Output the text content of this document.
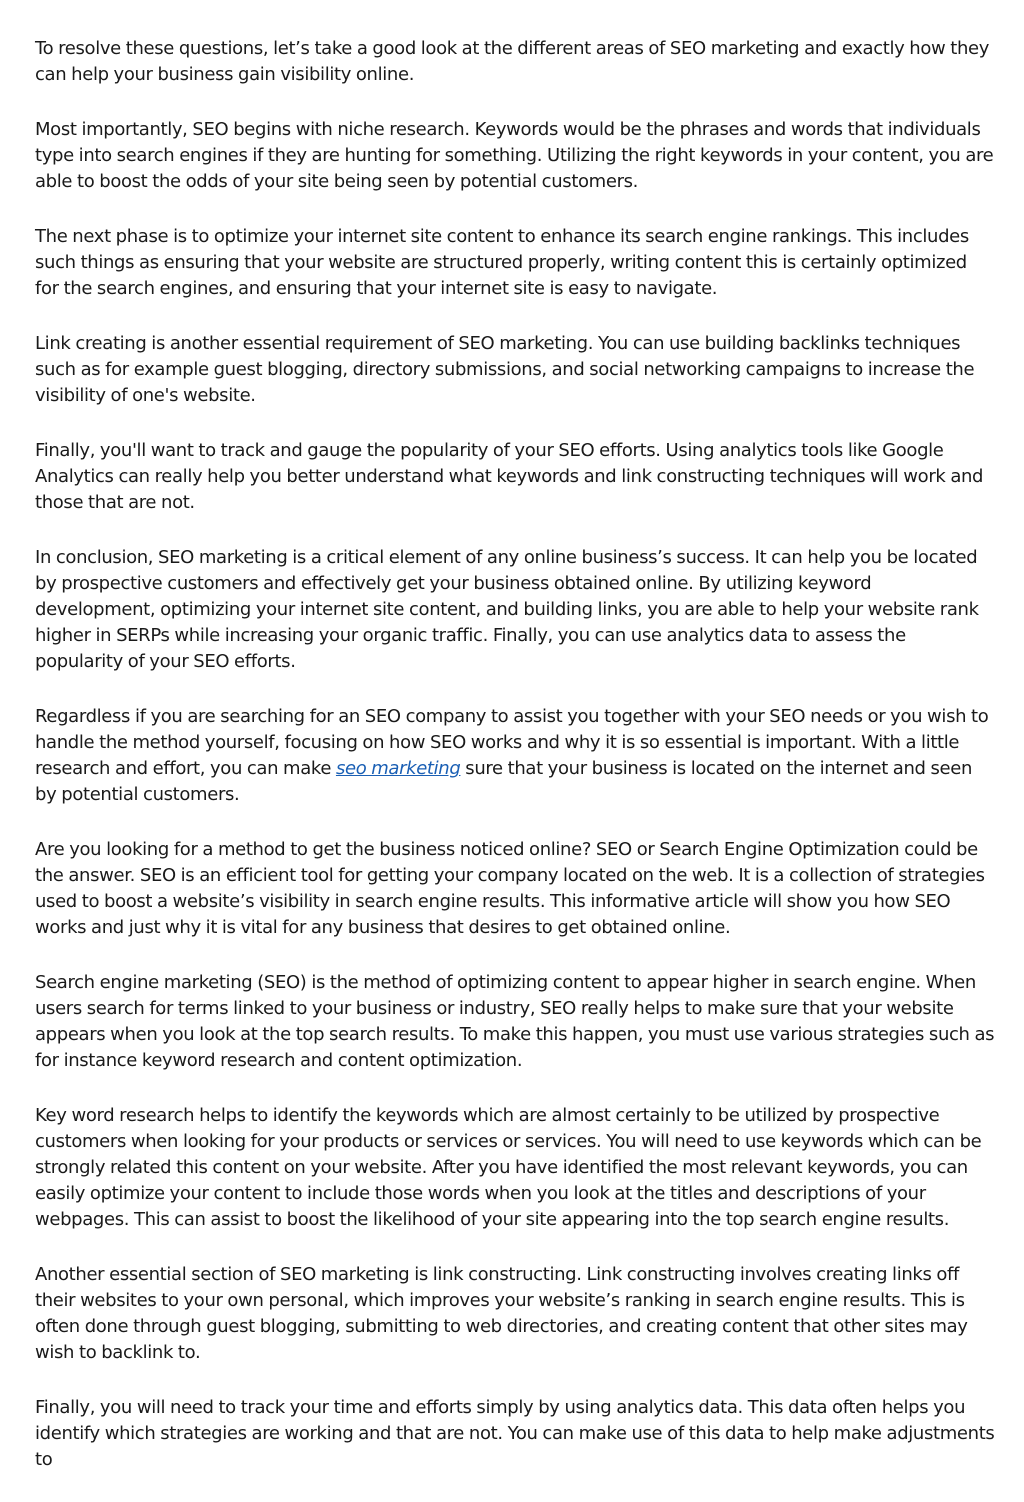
To resolve these questions, let’s take a good look at the different areas of SEO marketing and exactly how they can help your business gain visibility online.

Most importantly, SEO begins with niche research. Keywords would be the phrases and words that individuals type into search engines if they are hunting for something. Utilizing the right keywords in your content, you are able to boost the odds of your site being seen by potential customers.

The next phase is to optimize your internet site content to enhance its search engine rankings. This includes such things as ensuring that your website are structured properly, writing content this is certainly optimized for the search engines, and ensuring that your internet site is easy to navigate.

Link creating is another essential requirement of SEO marketing. You can use building backlinks techniques such as for example guest blogging, directory submissions, and social networking campaigns to increase the visibility of one's website.

Finally, you'll want to track and gauge the popularity of your SEO efforts. Using analytics tools like Google Analytics can really help you better understand what keywords and link constructing techniques will work and those that are not.

In conclusion, SEO marketing is a critical element of any online business’s success. It can help you be located by prospective customers and effectively get your business obtained online. By utilizing keyword development, optimizing your internet site content, and building links, you are able to help your website rank higher in SERPs while increasing your organic traffic. Finally, you can use analytics data to assess the popularity of your SEO efforts.

Regardless if you are searching for an SEO company to assist you together with your SEO needs or you wish to handle the method yourself, focusing on how SEO works and why it is so essential is important. With a little research and effort, you can make seo marketing sure that your business is located on the internet and seen by potential customers.

Are you looking for a method to get the business noticed online? SEO or Search Engine Optimization could be the answer. SEO is an efficient tool for getting your company located on the web. It is a collection of strategies used to boost a website’s visibility in search engine results. This informative article will show you how SEO works and just why it is vital for any business that desires to get obtained online.

Search engine marketing (SEO) is the method of optimizing content to appear higher in search engine. When users search for terms linked to your business or industry, SEO really helps to make sure that your website appears when you look at the top search results. To make this happen, you must use various strategies such as for instance keyword research and content optimization.

Key word research helps to identify the keywords which are almost certainly to be utilized by prospective customers when looking for your products or services or services. You will need to use keywords which can be strongly related this content on your website. After you have identified the most relevant keywords, you can easily optimize your content to include those words when you look at the titles and descriptions of your webpages. This can assist to boost the likelihood of your site appearing into the top search engine results.

Another essential section of SEO marketing is link constructing. Link constructing involves creating links off their websites to your own personal, which improves your website’s ranking in search engine results. This is often done through guest blogging, submitting to web directories, and creating content that other sites may wish to backlink to.

Finally, you will need to track your time and efforts simply by using analytics data. This data often helps you identify which strategies are working and that are not. You can make use of this data to help make adjustments to
